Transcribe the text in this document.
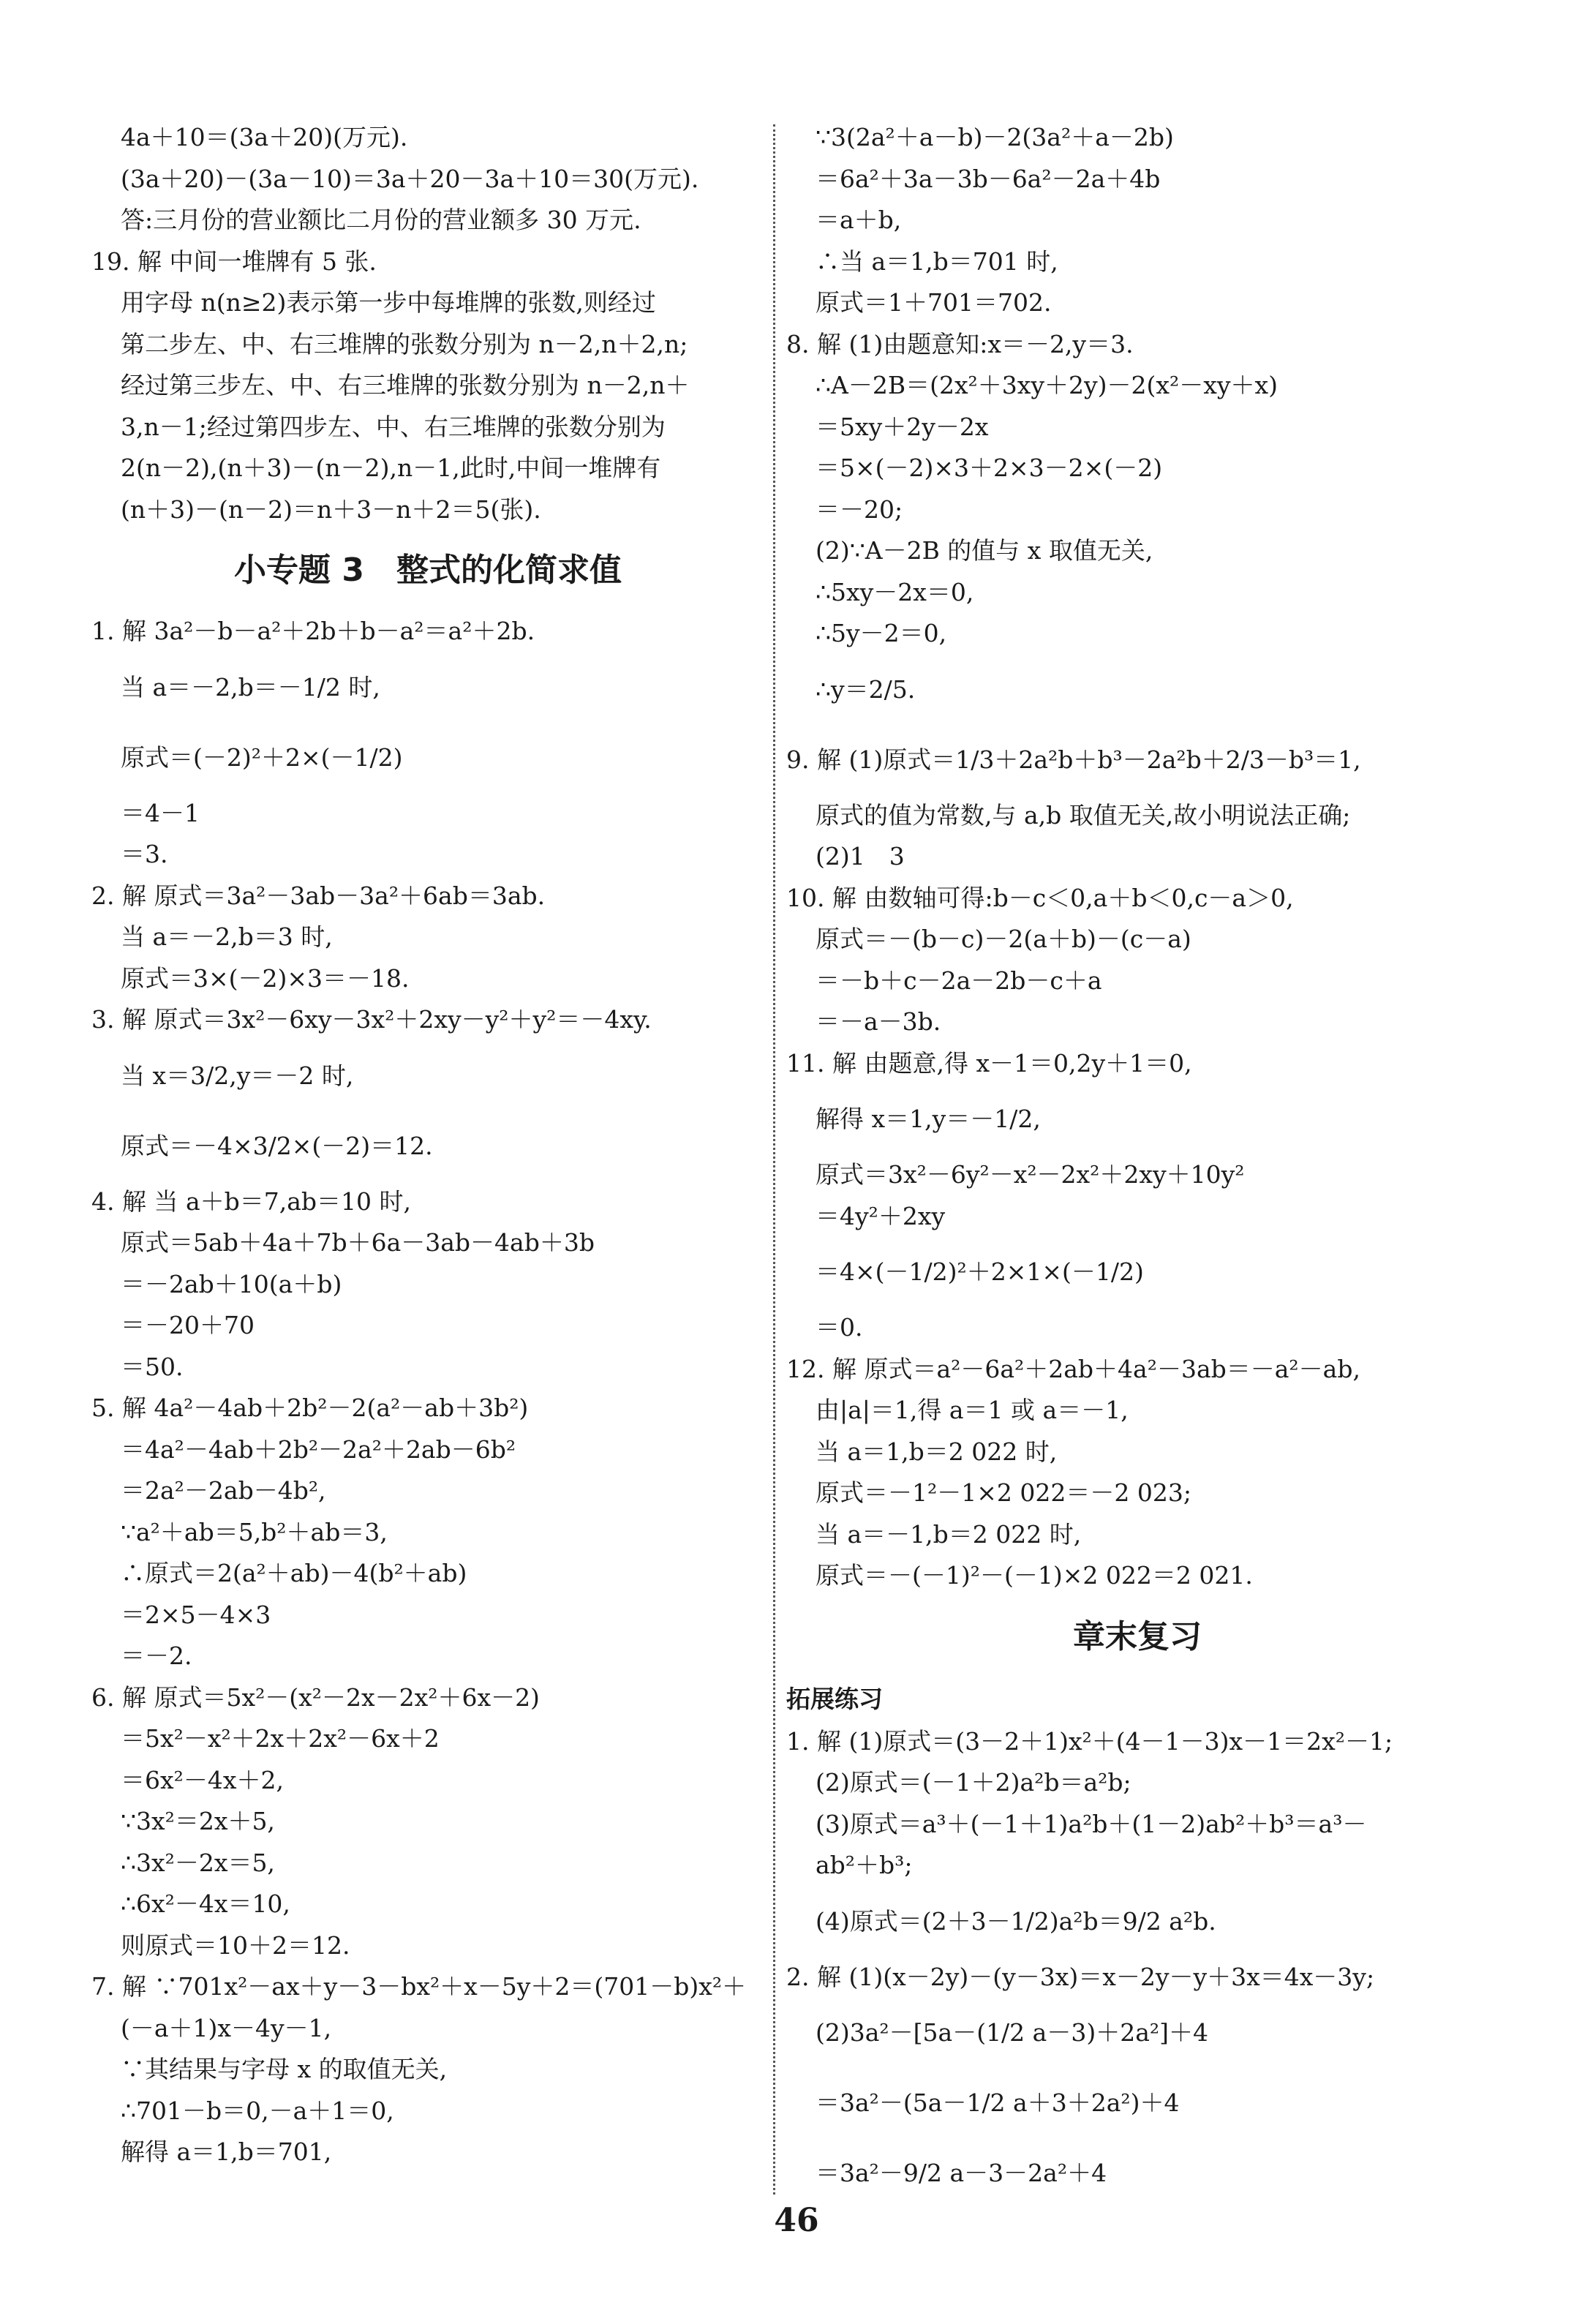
4a＋10＝(3a＋20)(万元).
(3a＋20)－(3a－10)＝3a＋20－3a＋10＝30(万元).
答:三月份的营业额比二月份的营业额多 30 万元.
19. 解 中间一堆牌有 5 张.
用字母 n(n≥2)表示第一步中每堆牌的张数,则经过
第二步左、中、右三堆牌的张数分别为 n－2,n＋2,n;
经过第三步左、中、右三堆牌的张数分别为 n－2,n＋
3,n－1;经过第四步左、中、右三堆牌的张数分别为
2(n－2),(n＋3)－(n－2),n－1,此时,中间一堆牌有
(n＋3)－(n－2)＝n＋3－n＋2＝5(张).
小专题 3　整式的化简求值
1. 解 3a²－b－a²＋2b＋b－a²＝a²＋2b.
当 a＝－2,b＝－1/2 时,
原式＝(－2)²＋2×(－1/2)
＝4－1
＝3.
2. 解 原式＝3a²－3ab－3a²＋6ab＝3ab.
当 a＝－2,b＝3 时,
原式＝3×(－2)×3＝－18.
3. 解 原式＝3x²－6xy－3x²＋2xy－y²＋y²＝－4xy.
当 x＝3/2,y＝－2 时,
原式＝－4×3/2×(－2)＝12.
4. 解 当 a＋b＝7,ab＝10 时,
原式＝5ab＋4a＋7b＋6a－3ab－4ab＋3b
＝－2ab＋10(a＋b)
＝－20＋70
＝50.
5. 解 4a²－4ab＋2b²－2(a²－ab＋3b²)
＝4a²－4ab＋2b²－2a²＋2ab－6b²
＝2a²－2ab－4b²,
∵a²＋ab＝5,b²＋ab＝3,
∴原式＝2(a²＋ab)－4(b²＋ab)
＝2×5－4×3
＝－2.
6. 解 原式＝5x²－(x²－2x－2x²＋6x－2)
＝5x²－x²＋2x＋2x²－6x＋2
＝6x²－4x＋2,
∵3x²＝2x＋5,
∴3x²－2x＝5,
∴6x²－4x＝10,
则原式＝10＋2＝12.
7. 解 ∵701x²－ax＋y－3－bx²＋x－5y＋2＝(701－b)x²＋
(－a＋1)x－4y－1,
∵其结果与字母 x 的取值无关,
∴701－b＝0,－a＋1＝0,
解得 a＝1,b＝701,
∵3(2a²＋a－b)－2(3a²＋a－2b)
＝6a²＋3a－3b－6a²－2a＋4b
＝a＋b,
∴当 a＝1,b＝701 时,
原式＝1＋701＝702.
8. 解 (1)由题意知:x＝－2,y＝3.
∴A－2B＝(2x²＋3xy＋2y)－2(x²－xy＋x)
＝5xy＋2y－2x
＝5×(－2)×3＋2×3－2×(－2)
＝－20;
(2)∵A－2B 的值与 x 取值无关,
∴5xy－2x＝0,
∴5y－2＝0,
∴y＝2/5.
9. 解 (1)原式＝1/3＋2a²b＋b³－2a²b＋2/3－b³＝1,
原式的值为常数,与 a,b 取值无关,故小明说法正确;
(2)1　3
10. 解 由数轴可得:b－c＜0,a＋b＜0,c－a＞0,
原式＝－(b－c)－2(a＋b)－(c－a)
＝－b＋c－2a－2b－c＋a
＝－a－3b.
11. 解 由题意,得 x－1＝0,2y＋1＝0,
解得 x＝1,y＝－1/2,
原式＝3x²－6y²－x²－2x²＋2xy＋10y²
＝4y²＋2xy
＝4×(－1/2)²＋2×1×(－1/2)
＝0.
12. 解 原式＝a²－6a²＋2ab＋4a²－3ab＝－a²－ab,
由|a|＝1,得 a＝1 或 a＝－1,
当 a＝1,b＝2 022 时,
原式＝－1²－1×2 022＝－2 023;
当 a＝－1,b＝2 022 时,
原式＝－(－1)²－(－1)×2 022＝2 021.
章末复习
拓展练习
1. 解 (1)原式＝(3－2＋1)x²＋(4－1－3)x－1＝2x²－1;
(2)原式＝(－1＋2)a²b＝a²b;
(3)原式＝a³＋(－1＋1)a²b＋(1－2)ab²＋b³＝a³－
ab²＋b³;
(4)原式＝(2＋3－1/2)a²b＝9/2 a²b.
2. 解 (1)(x－2y)－(y－3x)＝x－2y－y＋3x＝4x－3y;
(2)3a²－[5a－(1/2 a－3)＋2a²]＋4
＝3a²－(5a－1/2 a＋3＋2a²)＋4
＝3a²－9/2 a－3－2a²＋4
46
